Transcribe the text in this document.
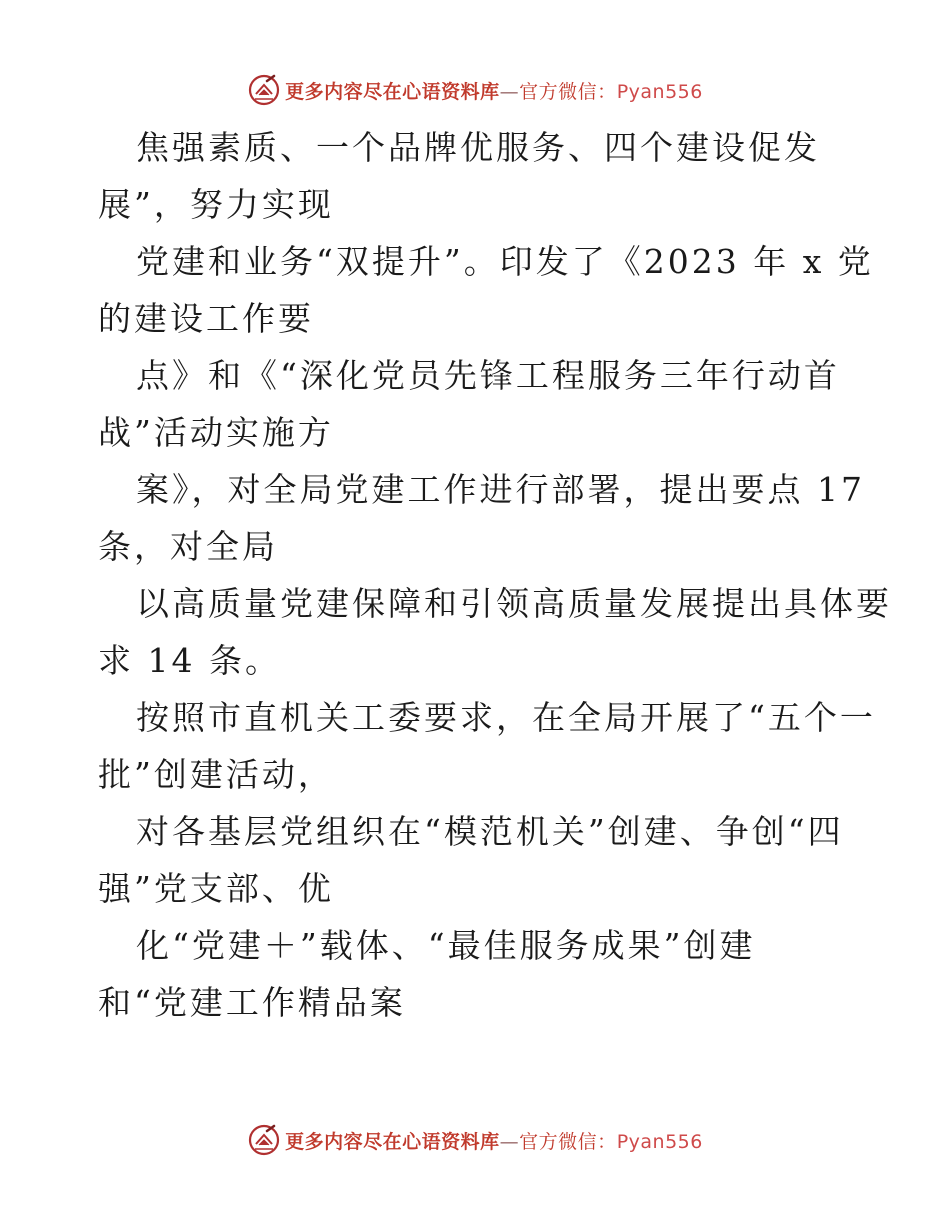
更多内容尽在心语资料库—官方微信：Pyan556
焦强素质、一个品牌优服务、四个建设促发
展”，努力实现
党建和业务“双提升”。印发了《2023 年 x 党
的建设工作要
点》和《“深化党员先锋工程服务三年行动首
战”活动实施方
案》，对全局党建工作进行部署，提出要点 17
条，对全局
以高质量党建保障和引领高质量发展提出具体要
求 14 条。
按照市直机关工委要求，在全局开展了“五个一
批”创建活动，
对各基层党组织在“模范机关”创建、争创“四
强”党支部、优
化“党建＋”载体、“最佳服务成果”创建
和“党建工作精品案
更多内容尽在心语资料库—官方微信：Pyan556
